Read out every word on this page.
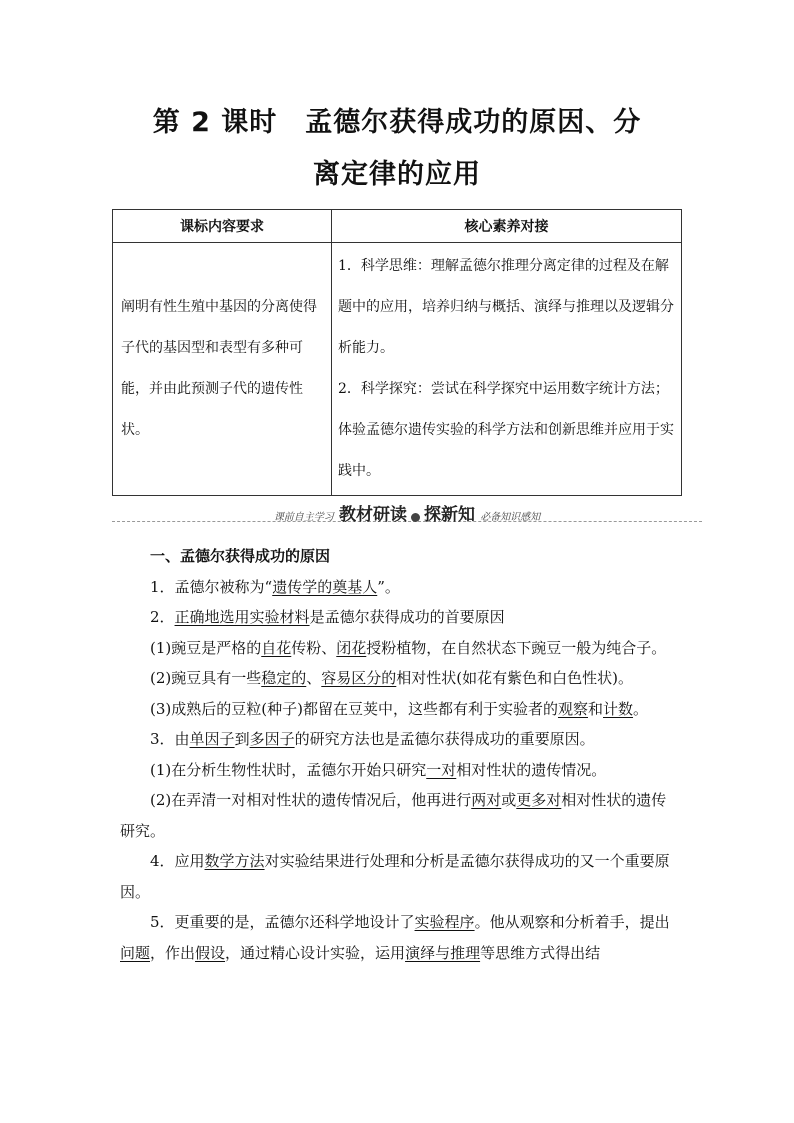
第 2 课时　孟德尔获得成功的原因、分
离定律的应用
课标内容要求	核心素养对接
阐明有性生殖中基因的分离使得子代的基因型和表型有多种可能，并由此预测子代的遗传性状。	1．科学思维：理解孟德尔推理分离定律的过程及在解题中的应用，培养归纳与概括、演绎与推理以及逻辑分析能力。
2．科学探究：尝试在科学探究中运用数字统计方法；体验孟德尔遗传实验的科学方法和创新思维并应用于实践中。
课前自主学习 教材研读 探新知 必备知识感知

一、孟德尔获得成功的原因

1．孟德尔被称为“遗传学的奠基人”。

2．正确地选用实验材料是孟德尔获得成功的首要原因

(1)豌豆是严格的自花传粉、闭花授粉植物，在自然状态下豌豆一般为纯合子。

(2)豌豆具有一些稳定的、容易区分的相对性状(如花有紫色和白色性状)。

(3)成熟后的豆粒(种子)都留在豆荚中，这些都有利于实验者的观察和计数。

3．由单因子到多因子的研究方法也是孟德尔获得成功的重要原因。

(1)在分析生物性状时，孟德尔开始只研究一对相对性状的遗传情况。

(2)在弄清一对相对性状的遗传情况后，他再进行两对或更多对相对性状的遗传研究。

4．应用数学方法对实验结果进行处理和分析是孟德尔获得成功的又一个重要原因。

5．更重要的是，孟德尔还科学地设计了实验程序。他从观察和分析着手，提出问题，作出假设，通过精心设计实验，运用演绎与推理等思维方式得出结
